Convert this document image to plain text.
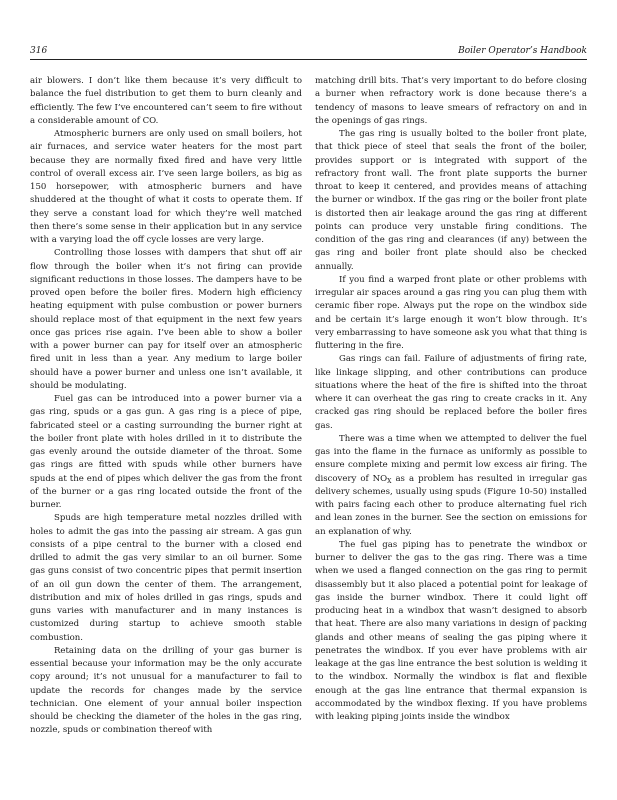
316	Boiler Operator’s Handbook

air blowers. I don’t like them because it’s very difficult to balance the fuel distribution to get them to burn cleanly and efficiently. The few I’ve encountered can’t seem to fire without a considerable amount of CO.

Atmospheric burners are only used on small boilers, hot air furnaces, and service water heaters for the most part because they are normally fixed fired and have very little control of overall excess air. I’ve seen large boilers, as big as 150 horsepower, with atmospheric burners and have shuddered at the thought of what it costs to operate them. If they serve a constant load for which they’re well matched then there’s some sense in their application but in any service with a varying load the off cycle losses are very large.

Controlling those losses with dampers that shut off air flow through the boiler when it’s not firing can provide significant reductions in those losses. The dampers have to be proved open before the boiler fires. Modern high efficiency heating equipment with pulse combustion or power burners should replace most of that equipment in the next few years once gas prices rise again. I’ve been able to show a boiler with a power burner can pay for itself over an atmospheric fired unit in less than a year. Any medium to large boiler should have a power burner and unless one isn’t available, it should be modulating.

Fuel gas can be introduced into a power burner via a gas ring, spuds or a gas gun. A gas ring is a piece of pipe, fabricated steel or a casting surrounding the burner right at the boiler front plate with holes drilled in it to distribute the gas evenly around the outside diameter of the throat. Some gas rings are fitted with spuds while other burners have spuds at the end of pipes which deliver the gas from the front of the burner or a gas ring located outside the front of the burner.

Spuds are high temperature metal nozzles drilled with holes to admit the gas into the passing air stream. A gas gun consists of a pipe central to the burner with a closed end drilled to admit the gas very similar to an oil burner. Some gas guns consist of two concentric pipes that permit insertion of an oil gun down the center of them. The arrangement, distribution and mix of holes drilled in gas rings, spuds and guns varies with manufacturer and in many instances is customized during startup to achieve smooth stable combustion.

Retaining data on the drilling of your gas burner is essential because your information may be the only accurate copy around; it’s not unusual for a manufacturer to fail to update the records for changes made by the service technician. One element of your annual boiler inspection should be checking the diameter of the holes in the gas ring, nozzle, spuds or combination thereof with

matching drill bits. That’s very important to do before closing a burner when refractory work is done because there’s a tendency of masons to leave smears of refractory on and in the openings of gas rings.

The gas ring is usually bolted to the boiler front plate, that thick piece of steel that seals the front of the boiler, provides support or is integrated with support of the refractory front wall. The front plate supports the burner throat to keep it centered, and provides means of attaching the burner or windbox. If the gas ring or the boiler front plate is distorted then air leakage around the gas ring at different points can produce very unstable firing conditions. The condition of the gas ring and clearances (if any) between the gas ring and boiler front plate should also be checked annually.

If you find a warped front plate or other problems with irregular air spaces around a gas ring you can plug them with ceramic fiber rope. Always put the rope on the windbox side and be certain it’s large enough it won’t blow through. It’s very embarrassing to have someone ask you what that thing is fluttering in the fire.

Gas rings can fail. Failure of adjustments of firing rate, like linkage slipping, and other contributions can produce situations where the heat of the fire is shifted into the throat where it can overheat the gas ring to create cracks in it. Any cracked gas ring should be replaced before the boiler fires gas.

There was a time when we attempted to deliver the fuel gas into the flame in the furnace as uniformly as possible to ensure complete mixing and permit low excess air firing. The discovery of $NO_X$ as a problem has resulted in irregular gas delivery schemes, usually using spuds (Figure 10-50) installed with pairs facing each other to produce alternating fuel rich and lean zones in the burner. See the section on emissions for an explanation of why.

The fuel gas piping has to penetrate the windbox or burner to deliver the gas to the gas ring. There was a time when we used a flanged connection on the gas ring to permit disassembly but it also placed a potential point for leakage of gas inside the burner windbox. There it could light off producing heat in a windbox that wasn’t designed to absorb that heat. There are also many variations in design of packing glands and other means of sealing the gas piping where it penetrates the windbox. If you ever have problems with air leakage at the gas line entrance the best solution is welding it to the windbox. Normally the windbox is flat and flexible enough at the gas line entrance that thermal expansion is accommodated by the windbox flexing. If you have problems with leaking piping joints inside the windbox
